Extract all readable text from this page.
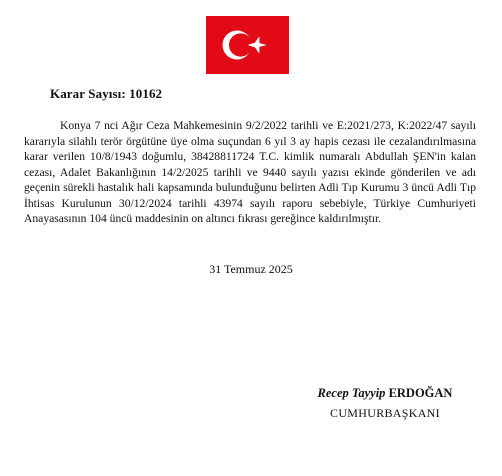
Karar Sayısı: 10162

Konya 7 nci Ağır Ceza Mahkemesinin 9/2/2022 tarihli ve E:2021/273, K:2022/47 sayılı kararıyla silahlı terör örgütüne üye olma suçundan 6 yıl 3 ay hapis cezası ile cezalandırılmasına karar verilen 10/8/1943 doğumlu, 38428811724 T.C. kimlik numaralı Abdullah ŞEN'in kalan cezası, Adalet Bakanlığının 14/2/2025 tarihli ve 9440 sayılı yazısı ekinde gönderilen ve adı geçenin sürekli hastalık hali kapsamında bulunduğunu belirten Adli Tıp Kurumu 3 üncü Adli Tıp İhtisas Kurulunun 30/12/2024 tarihli 43974 sayılı raporu sebebiyle, Türkiye Cumhuriyeti Anayasasının 104 üncü maddesinin on altıncı fıkrası gereğince kaldırılmıştır.

31 Temmuz 2025
Recep Tayyip ERDOĞAN
CUMHURBAŞKANI
